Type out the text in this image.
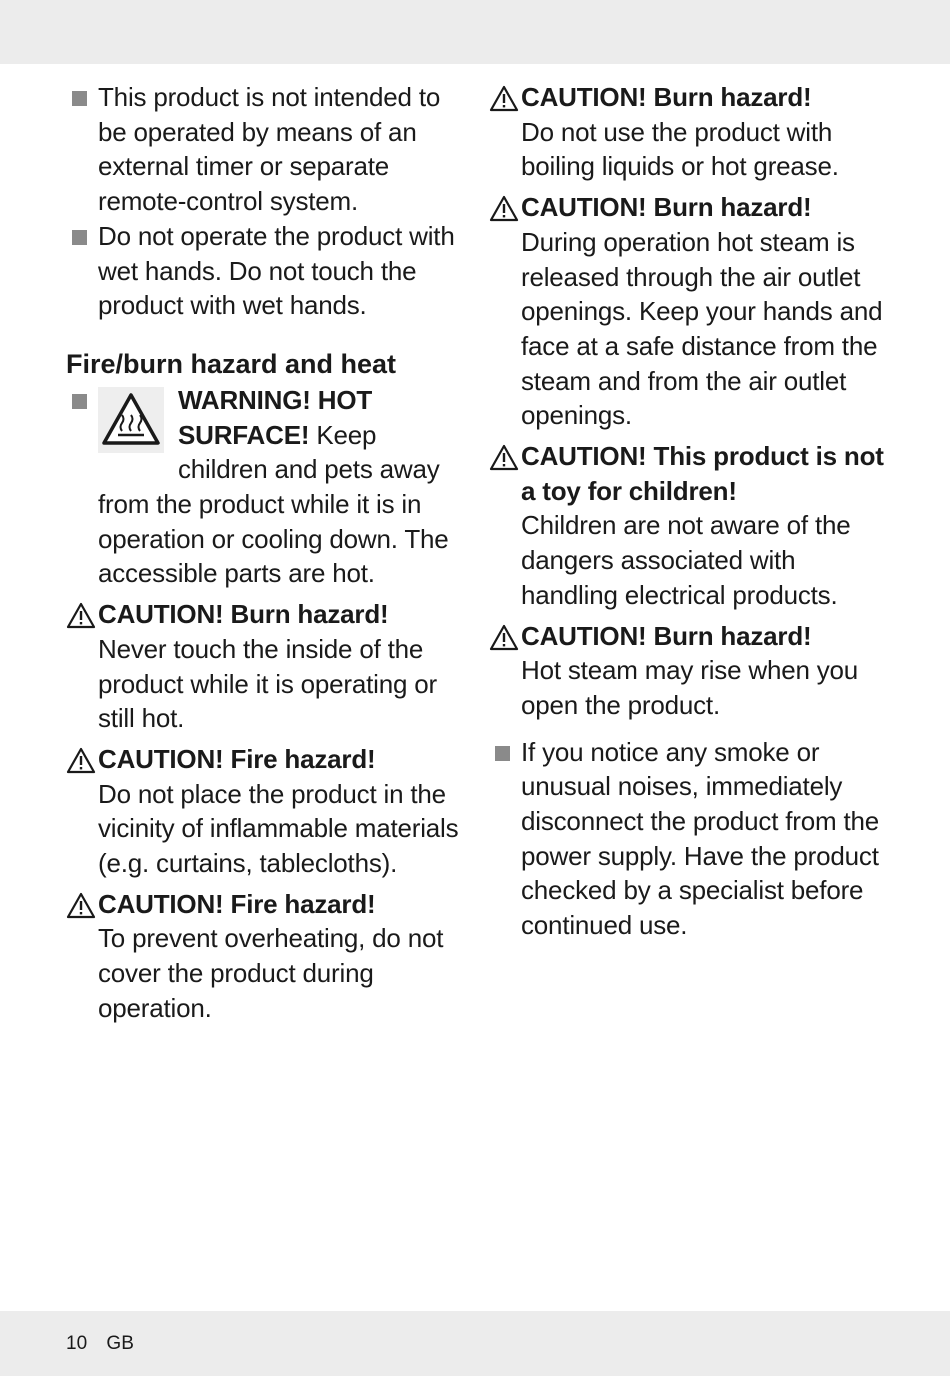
This product is not intended to be operated by means of an external timer or separate remote-control system.
Do not operate the product with wet hands. Do not touch the product with wet hands.
Fire/burn hazard and heat
WARNING! HOT SURFACE! Keep children and pets away from the product while it is in operation or cooling down. The accessible parts are hot.
CAUTION! Burn hazard!
Never touch the inside of the product while it is operating or still hot.
CAUTION! Fire hazard!
Do not place the product in the vicinity of inflammable materials (e.g. curtains, tablecloths).
CAUTION! Fire hazard!
To prevent overheating, do not cover the product during operation.
CAUTION! Burn hazard!
Do not use the product with boiling liquids or hot grease.
CAUTION! Burn hazard!
During operation hot steam is released through the air outlet openings. Keep your hands and face at a safe distance from the steam and from the air outlet openings.
CAUTION! This product is not a toy for children!
Children are not aware of the dangers associated with handling electrical products.
CAUTION! Burn hazard!
Hot steam may rise when you open the product.
If you notice any smoke or unusual noises, immediately disconnect the product from the power supply. Have the product checked by a specialist before continued use.
10 GB
